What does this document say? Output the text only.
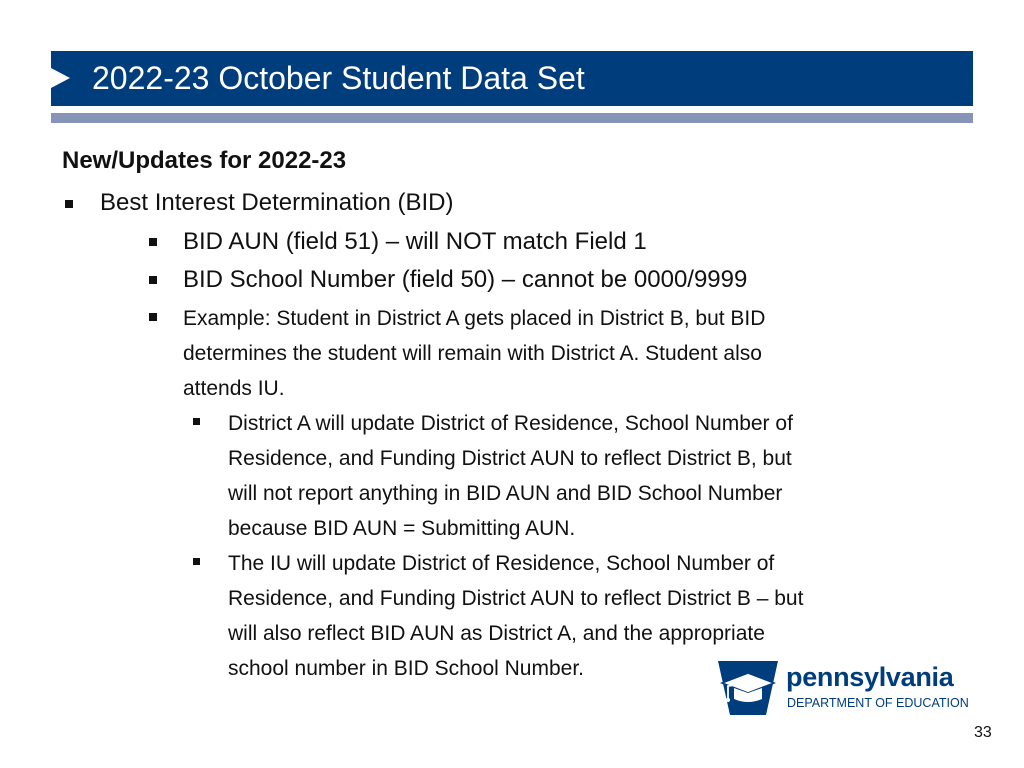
2022-23 October Student Data Set
New/Updates for 2022-23
Best Interest Determination (BID)
BID AUN (field 51) – will NOT match Field 1
BID School Number (field 50) – cannot be 0000/9999
Example: Student in District A gets placed in District B, but BID
determines the student will remain with District A. Student also
attends IU.
District A will update District of Residence, School Number of
Residence, and Funding District AUN to reflect District B, but
will not report anything in BID AUN and BID School Number
because BID AUN = Submitting AUN.
The IU will update District of Residence, School Number of
Residence, and Funding District AUN to reflect District B – but
will also reflect BID AUN as District A, and the appropriate
school number in BID School Number.	pennsylvania
DEPARTMENT OF EDUCATION
33
